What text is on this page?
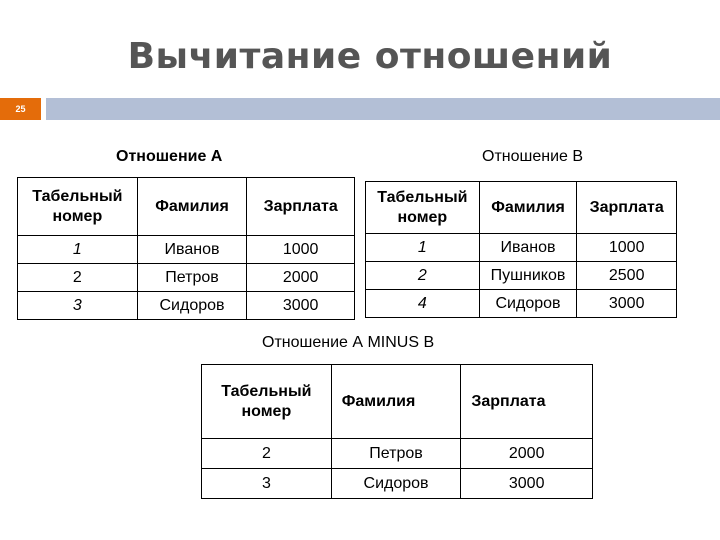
Вычитание отношений
25
Отношение А	Отношение В
Отношение А MINUS В
Табельный номер	Фамилия	Зарплата
1	Иванов	1000
2	Петров	2000
3	Сидоров	3000
Табельный номер	Фамилия	Зарплата
1	Иванов	1000
2	Пушников	2500
4	Сидоров	3000
Табельный номер	Фамилия	Зарплата
2	Петров	2000
3	Сидоров	3000
